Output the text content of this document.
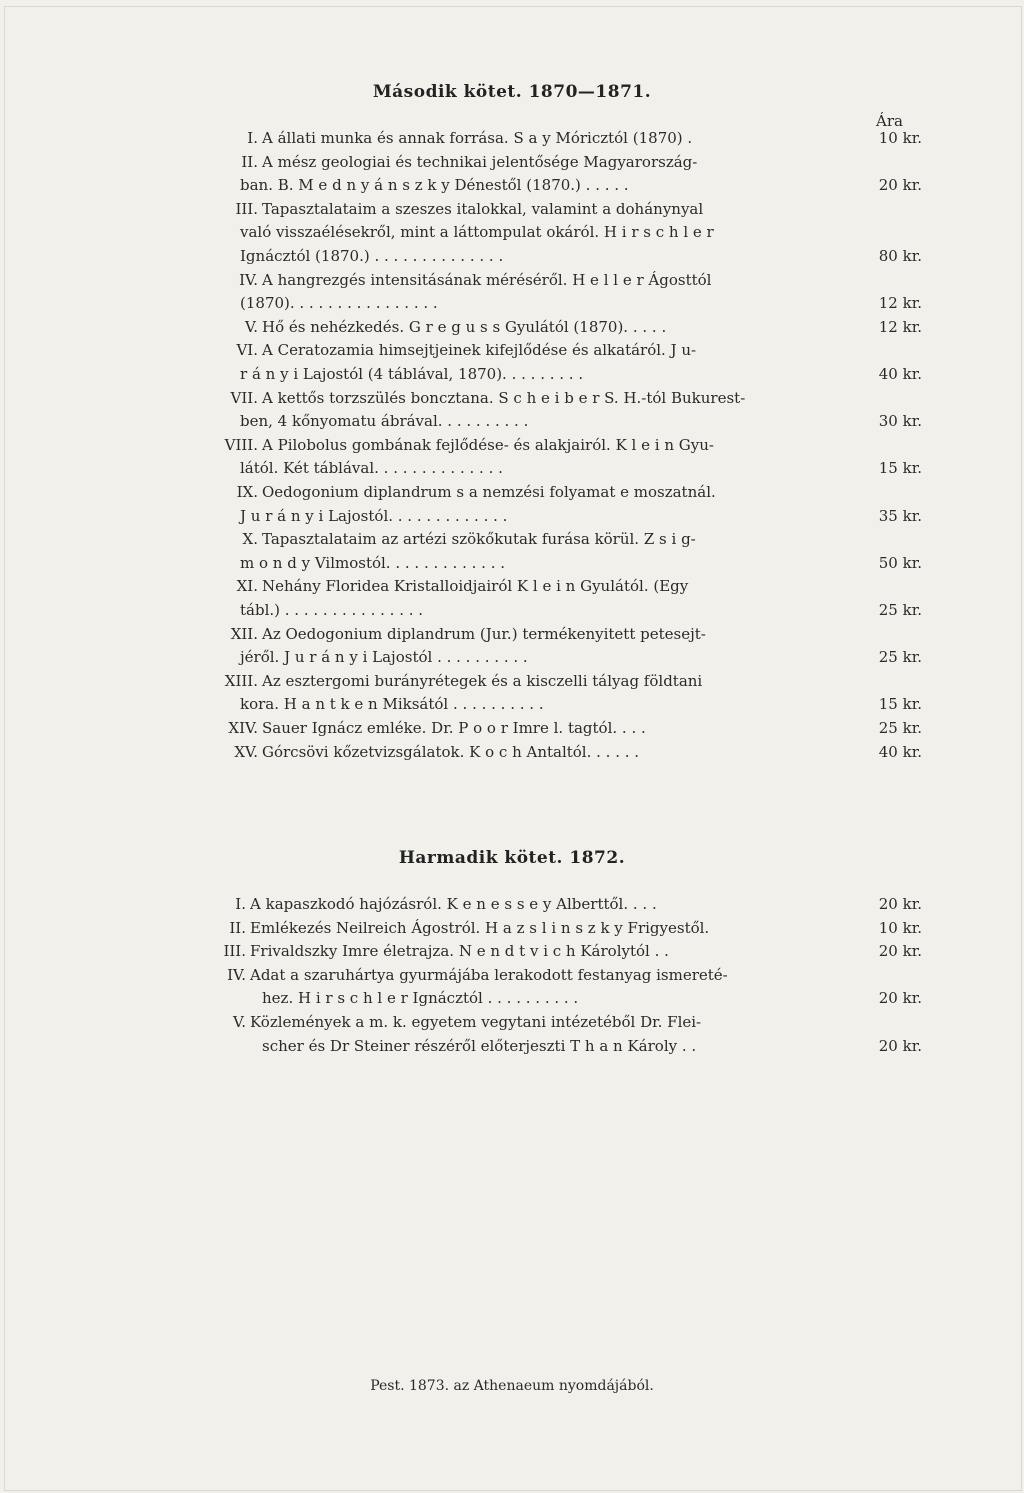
Második kötet. 1870—1871.
Ára
I. A állati munka és annak forrása. S a y Móricztól (1870) .	10 kr.
II. A mész geologiai és technikai jelentősége Magyarország-
ban. B. M e d n y á n s z k y Dénestől (1870.) . . . . .	20 kr.
III. Tapasztalataim a szeszes italokkal, valamint a dohánynyal
való visszaélésekről, mint a láttompulat okáról. H i r s c h l e r
Ignácztól (1870.) . . . . . . . . . . . . . .	80 kr.
IV. A hangrezgés intensitásának méréséről. H e l l e r Ágosttól
(1870). . . . . . . . . . . . . . . .	12 kr.
V. Hő és nehézkedés. G r e g u s s Gyulától (1870). . . . .	12 kr.
VI. A Ceratozamia himsejtjeinek kifejlődése és alkatáról. J u-
r á n y i Lajostól (4 táblával, 1870). . . . . . . . .	40 kr.
VII. A kettős torzszülés boncztana. S c h e i b e r S. H.-tól Bukurest-
ben, 4 kőnyomatu ábrával. . . . . . . . . .	30 kr.
VIII. A Pilobolus gombának fejlődése- és alakjairól. K l e i n Gyu-
lától. Két táblával. . . . . . . . . . . . . .	15 kr.
IX. Oedogonium diplandrum s a nemzési folyamat e moszatnál.
J u r á n y i Lajostól. . . . . . . . . . . . .	35 kr.
X. Tapasztalataim az artézi szökőkutak furása körül. Z s i g-
m o n d y Vilmostól. . . . . . . . . . . . .	50 kr.
XI. Nehány Floridea Kristalloidjairól K l e i n Gyulától. (Egy
tábl.) . . . . . . . . . . . . . . .	25 kr.
XII. Az Oedogonium diplandrum (Jur.) termékenyitett petesejt-
jéről. J u r á n y i Lajostól . . . . . . . . . .	25 kr.
XIII. Az esztergomi burányrétegek és a kisczelli tályag földtani
kora. H a n t k e n Miksától . . . . . . . . . .	15 kr.
XIV. Sauer Ignácz emléke. Dr. P o o r Imre l. tagtól. . . .	25 kr.
XV. Górcsövi kőzetvizsgálatok. K o c h Antaltól. . . . . .	40 kr.
Harmadik kötet. 1872.
I. A kapaszkodó hajózásról. K e n e s s e y Alberttől. . . .	20 kr.
II. Emlékezés Neilreich Ágostról. H a z s l i n s z k y Frigyestől.	10 kr.
III. Frivaldszky Imre életrajza. N e n d t v i c h Károlytól . .	20 kr.
IV. Adat a szaruhártya gyurmájába lerakodott festanyag ismereté-
hez. H i r s c h l e r Ignácztól . . . . . . . . . .	20 kr.
V. Közlemények a m. k. egyetem vegytani intézetéből Dr. Flei-
scher és Dr Steiner részéről előterjeszti T h a n Károly . .	20 kr.
Pest. 1873. az Athenaeum nyomdájából.
